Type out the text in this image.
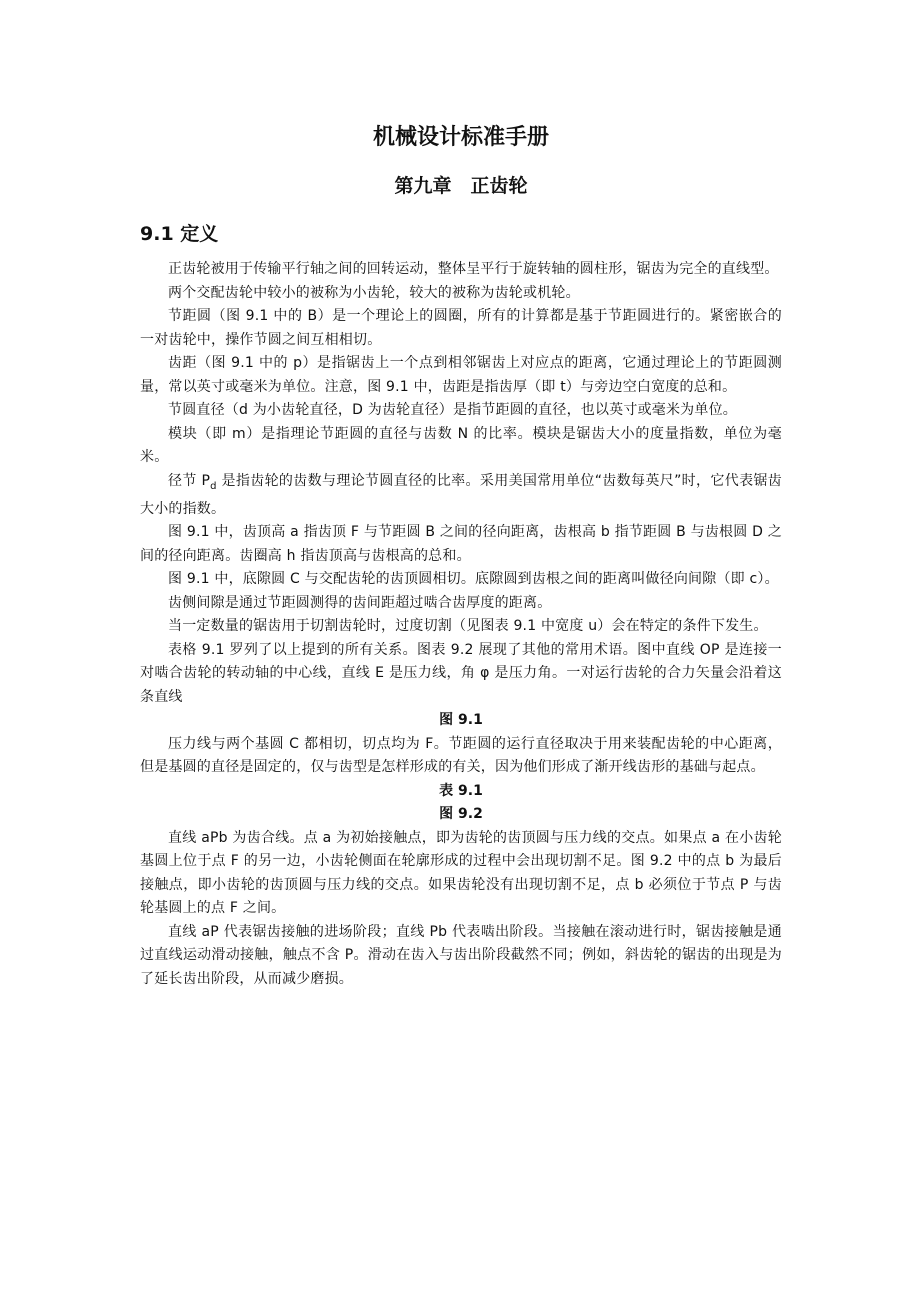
机械设计标准手册
第九章　正齿轮
9.1 定义

正齿轮被用于传输平行轴之间的回转运动，整体呈平行于旋转轴的圆柱形，锯齿为完全的直线型。

两个交配齿轮中较小的被称为小齿轮，较大的被称为齿轮或机轮。

节距圆（图 9.1 中的 B）是一个理论上的圆圈，所有的计算都是基于节距圆进行的。紧密嵌合的一对齿轮中，操作节圆之间互相相切。

齿距（图 9.1 中的 p）是指锯齿上一个点到相邻锯齿上对应点的距离，它通过理论上的节距圆测量，常以英寸或毫米为单位。注意，图 9.1 中，齿距是指齿厚（即 t）与旁边空白宽度的总和。

节圆直径（d 为小齿轮直径，D 为齿轮直径）是指节距圆的直径，也以英寸或毫米为单位。

模块（即 m）是指理论节距圆的直径与齿数 N 的比率。模块是锯齿大小的度量指数，单位为毫米。

径节 $P_d$ 是指齿轮的齿数与理论节圆直径的比率。采用美国常用单位“齿数每英尺”时，它代表锯齿大小的指数。

图 9.1 中，齿顶高 a 指齿顶 F 与节距圆 B 之间的径向距离，齿根高 b 指节距圆 B 与齿根圆 D 之间的径向距离。齿圈高 h 指齿顶高与齿根高的总和。

图 9.1 中，底隙圆 C 与交配齿轮的齿顶圆相切。底隙圆到齿根之间的距离叫做径向间隙（即 c）。

齿侧间隙是通过节距圆测得的齿间距超过啮合齿厚度的距离。

当一定数量的锯齿用于切割齿轮时，过度切割（见图表 9.1 中宽度 u）会在特定的条件下发生。

表格 9.1 罗列了以上提到的所有关系。图表 9.2 展现了其他的常用术语。图中直线 OP 是连接一对啮合齿轮的转动轴的中心线，直线 E 是压力线，角 φ 是压力角。一对运行齿轮的合力矢量会沿着这条直线

图 9.1

压力线与两个基圆 C 都相切，切点均为 F。节距圆的运行直径取决于用来装配齿轮的中心距离，但是基圆的直径是固定的，仅与齿型是怎样形成的有关，因为他们形成了渐开线齿形的基础与起点。

表 9.1

图 9.2

直线 aPb 为齿合线。点 a 为初始接触点，即为齿轮的齿顶圆与压力线的交点。如果点 a 在小齿轮基圆上位于点 F 的另一边，小齿轮侧面在轮廓形成的过程中会出现切割不足。图 9.2 中的点 b 为最后接触点，即小齿轮的齿顶圆与压力线的交点。如果齿轮没有出现切割不足，点 b 必须位于节点 P 与齿轮基圆上的点 F 之间。

直线 aP 代表锯齿接触的进场阶段；直线 Pb 代表啮出阶段。当接触在滚动进行时，锯齿接触是通过直线运动滑动接触，触点不含 P。滑动在齿入与齿出阶段截然不同；例如，斜齿轮的锯齿的出现是为了延长齿出阶段，从而减少磨损。
